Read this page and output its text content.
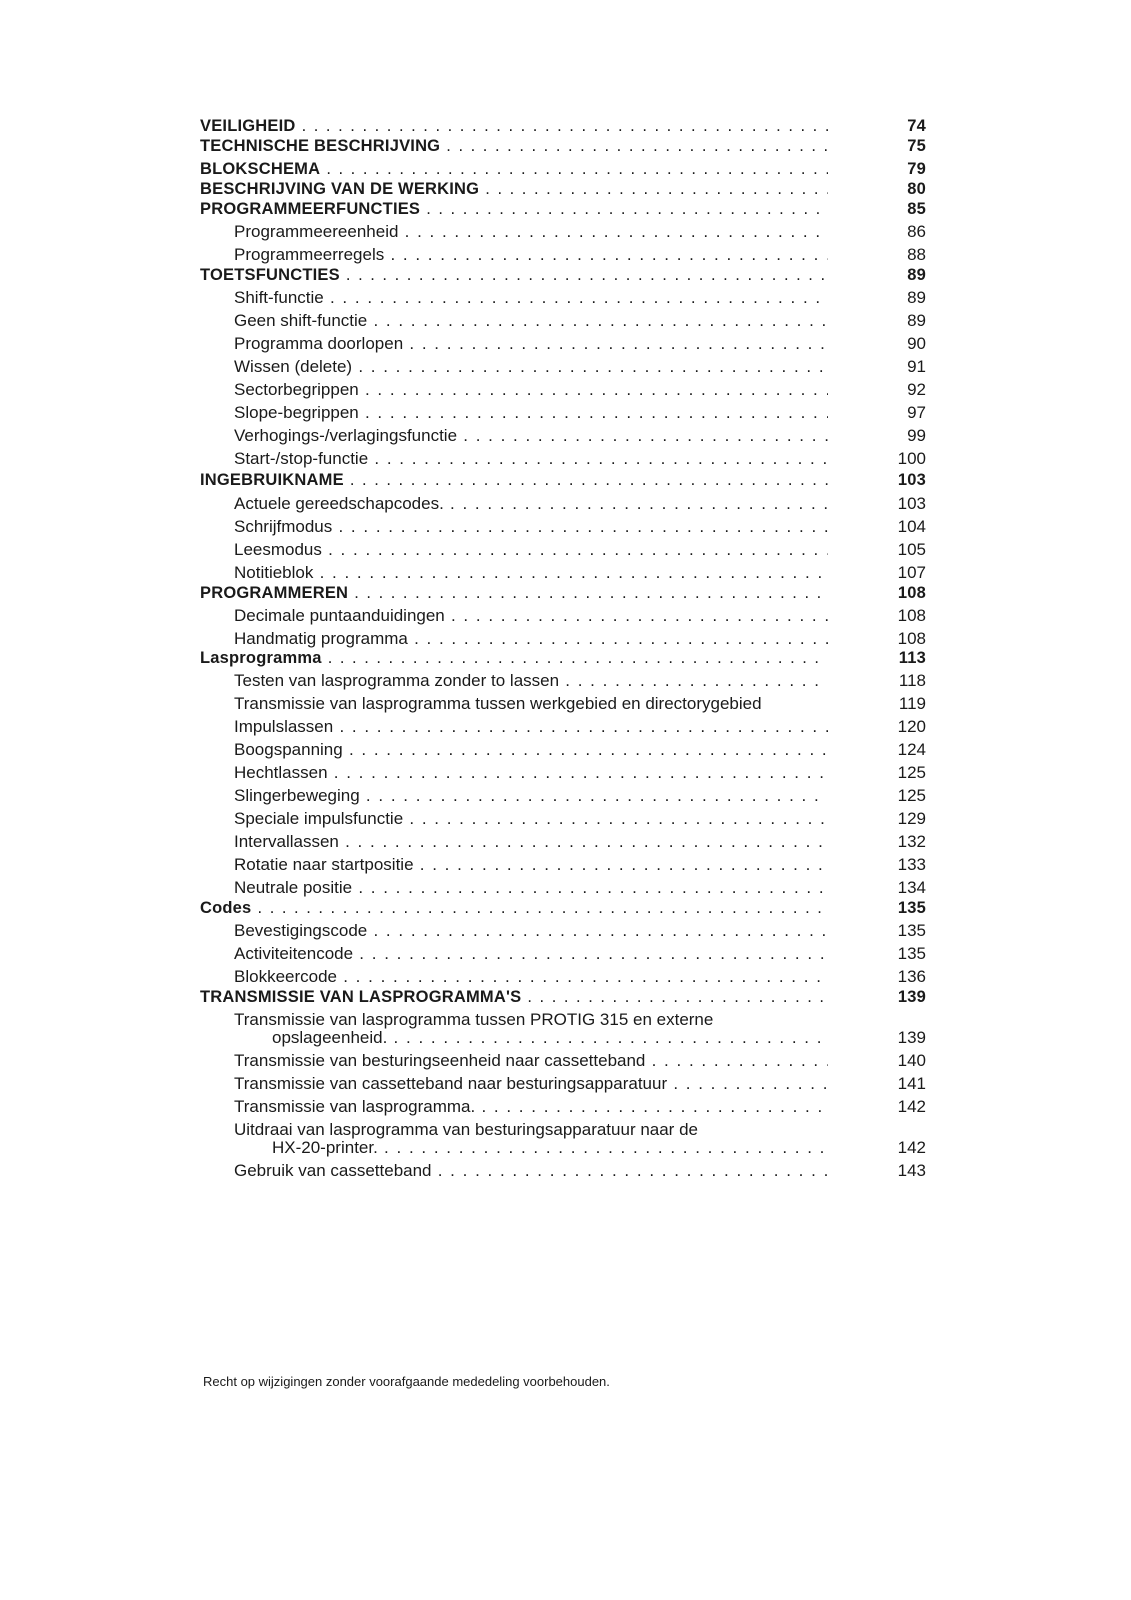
VEILIGHEID . . .	74
TECHNISCHE BESCHRIJVING . . .	75
BLOKSCHEMA . . .	79
BESCHRIJVING VAN DE WERKING . . .	80
PROGRAMMEERFUNCTIES . . .	85
Programmeereenheid . . .	86
Programmeerregels . . .	88
TOETSFUNCTIES . . .	89
Shift-functie . . .	89
Geen shift-functie . . .	89
Programma doorlopen . . .	90
Wissen (delete) . . .	91
Sectorbegrippen . . .	92
Slope-begrippen . . .	97
Verhogings-/verlagingsfunctie . . .	99
Start-/stop-functie . . .	100
INGEBRUIKNAME . . .	103
Actuele gereedschapcodes. . . .	103
Schrijfmodus . . .	104
Leesmodus . . .	105
Notitieblok . . .	107
PROGRAMMEREN . . .	108
Decimale puntaanduidingen . . .	108
Handmatig programma . . .	108
Lasprogramma . . .	113
Testen van lasprogramma zonder to lassen . . .	118
Transmissie van lasprogramma tussen werkgebied en directorygebied	119
Impulslassen . . .	120
Boogspanning . . .	124
Hechtlassen . . .	125
Slingerbeweging . . .	125
Speciale impulsfunctie . . .	129
Intervallassen . . .	132
Rotatie naar startpositie . . .	133
Neutrale positie . . .	134
Codes . . .	135
Bevestigingscode . . .	135
Activiteitencode . . .	135
Blokkeercode . . .	136
TRANSMISSIE VAN LASPROGRAMMA'S . . .	139
Transmissie van lasprogramma tussen PROTIG 315 en externe
opslageenheid. . . .	139
Transmissie van besturingseenheid naar cassetteband . . .	140
Transmissie van cassetteband naar besturingsapparatuur . . .	141
Transmissie van lasprogramma. . . .	142
Uitdraai van lasprogramma van besturingsapparatuur naar de
HX-20-printer. . . .	142
Gebruik van cassetteband . . .	143
Recht op wijzigingen zonder voorafgaande mededeling voorbehouden.
